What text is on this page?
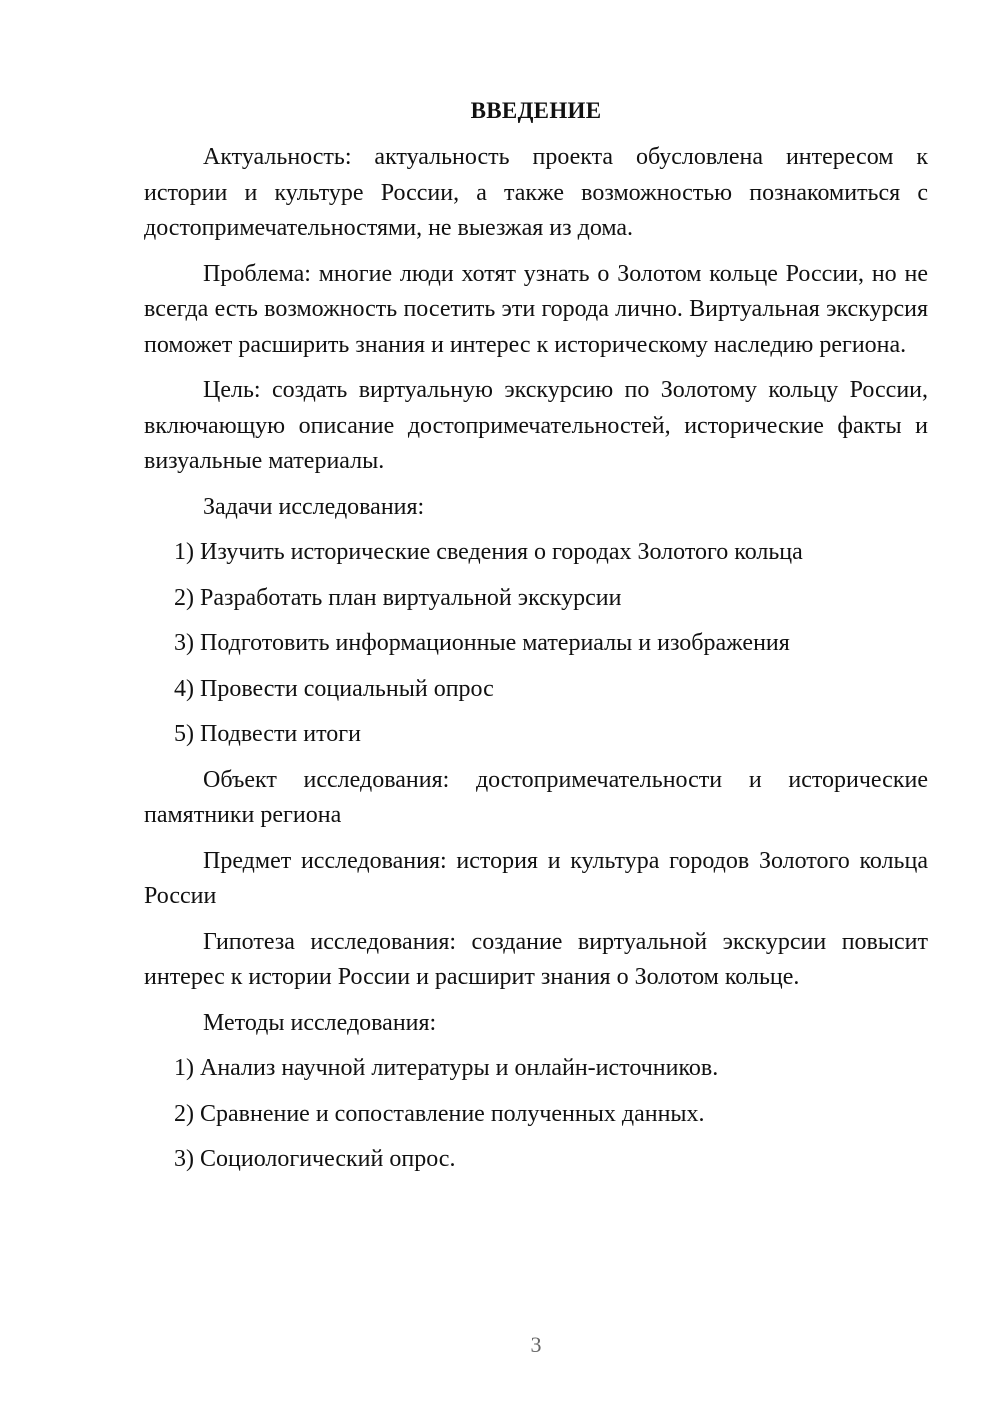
ВВЕДЕНИЕ

Актуальность: актуальность проекта обусловлена интересом к истории и культуре России, а также возможностью познакомиться с достопримечательностями, не выезжая из дома.

Проблема: многие люди хотят узнать о Золотом кольце России, но не всегда есть возможность посетить эти города лично. Виртуальная экскурсия поможет расширить знания и интерес к историческому наследию региона.

Цель: создать виртуальную экскурсию по Золотому кольцу России, включающую описание достопримечательностей, исторические факты и визуальные материалы.

Задачи исследования:

1) Изучить исторические сведения о городах Золотого кольца
2) Разработать план виртуальной экскурсии
3) Подготовить информационные материалы и изображения
4) Провести социальный опрос
5) Подвести итоги

Объект исследования: достопримечательности и исторические памятники региона

Предмет исследования: история и культура городов Золотого кольца России

Гипотеза исследования: создание виртуальной экскурсии повысит интерес к истории России и расширит знания о Золотом кольце.

Методы исследования:

1) Анализ научной литературы и онлайн-источников.
2) Сравнение и сопоставление полученных данных.
3) Социологический опрос.
3
